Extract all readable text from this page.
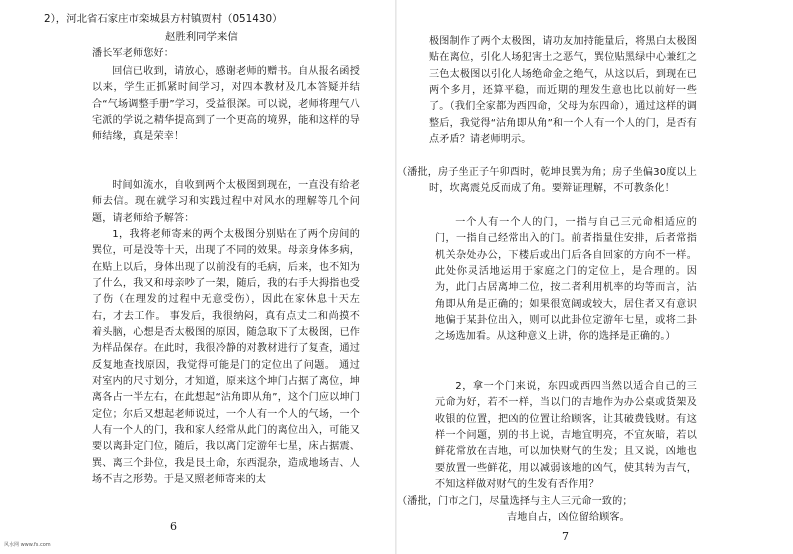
2），河北省石家庄市栾城县方村镇贾村（051430）
赵胜利同学来信

潘长军老师您好：

回信已收到，请放心，感谢老师的赠书。自从报名函授以来，学生正抓紧时间学习，对四本教材及几本答疑并结合“气场调整手册”学习，受益很深。可以说，老师将理气八宅派的学说之精华提高到了一个更高的境界，能和这样的导师结缘，真是荣幸！

时间如流水，自收到两个太极图到现在，一直没有给老师去信。现在就学习和实践过程中对风水的理解等几个问题，请老师给予解答：

1，我将老师寄来的两个太极图分别贴在了两个房间的巽位，可是没等十天，出现了不同的效果。母亲身体多病，在贴上以后，身体出现了以前没有的毛病，后来，也不知为了什么，我又和母亲吵了一架，随后，我的右手大拇指也受了伤（在理发的过程中无意受伤），因此在家休息十天左右，才去工作。 事发后，我很纳闷，真有点丈二和尚摸不着头脑，心想是否太极图的原因，随急取下了太极图，已作为样品保存。在此时，我很冷静的对教材进行了复查，通过反复地查找原因，我觉得可能是门的定位出了问题。 通过对室内的尺寸划分，才知道，原来这个坤门占据了离位，坤离各占一半左右，在此想起“沾角即从角”，这个门应以坤门定位；尔后又想起老师说过，一个人有一个人的气场，一个人有一个人的门，我和家人经常从此门的离位出入，可能又要以离卦定门位，随后，我以离门定游年七星，床占据震、巽、离三个卦位，我是艮土命，东西混杂，造成地场吉、人场不吉之形势。于是又照老师寄来的太

6

极图制作了两个太极图，请功友加持能量后，将黑白太极图贴在离位，引化人场犯害土之恶气，巽位贴黑绿中心兼红之三色太极图以引化人场绝命金之绝气，从这以后，到现在已两个多月，还算平稳，而近期的理发生意也比以前好一些了。（我们全家都为西四命，父母为东四命），通过这样的调整后，我觉得“沾角即从角”和一个人有一个人的门，是否有点矛盾？请老师明示。

（潘批，房子坐正子午卯酉时，乾坤艮巽为角；房子坐偏30度以上时，坎离震兑反而成了角。要辩证理解，不可教条化！

一个人有一个人的门，一指与自己三元命相适应的门，一指自己经常出入的门。前者指量住安排，后者常指机关杂处办公，下楼后或出门后各自回家的方向不一样。此处你灵活地运用于家庭之门的定位上，是合理的。因为，此门占居离坤二位，按二者利用机率的均等而言，沾角即从角是正确的；如果很宽阔或较大，居住者又有意识地偏于某卦位出入，则可以此卦位定游年七星，或将二卦之场选加看。从这种意义上讲，你的选择是正确的。）

2，拿一个门来说，东四或西四当然以适合自己的三元命为好，若不一样，当以门的吉地作为办公桌或货架及收银的位置，把凶的位置让给顾客，让其破费钱财。有这样一个问题，别的书上说，吉地宜明亮，不宜灰暗，若以鲜花常放在吉地，可以加快财气的生发；且又说，凶地也要放置一些鲜花，用以减弱该地的凶气，使其转为吉气，不知这样做对财气的生发有否作用？

（潘批，门市之门，尽量选择与主人三元命一致的；

吉地自占，凶位留给顾客。

7
风水网 www.fs.com
